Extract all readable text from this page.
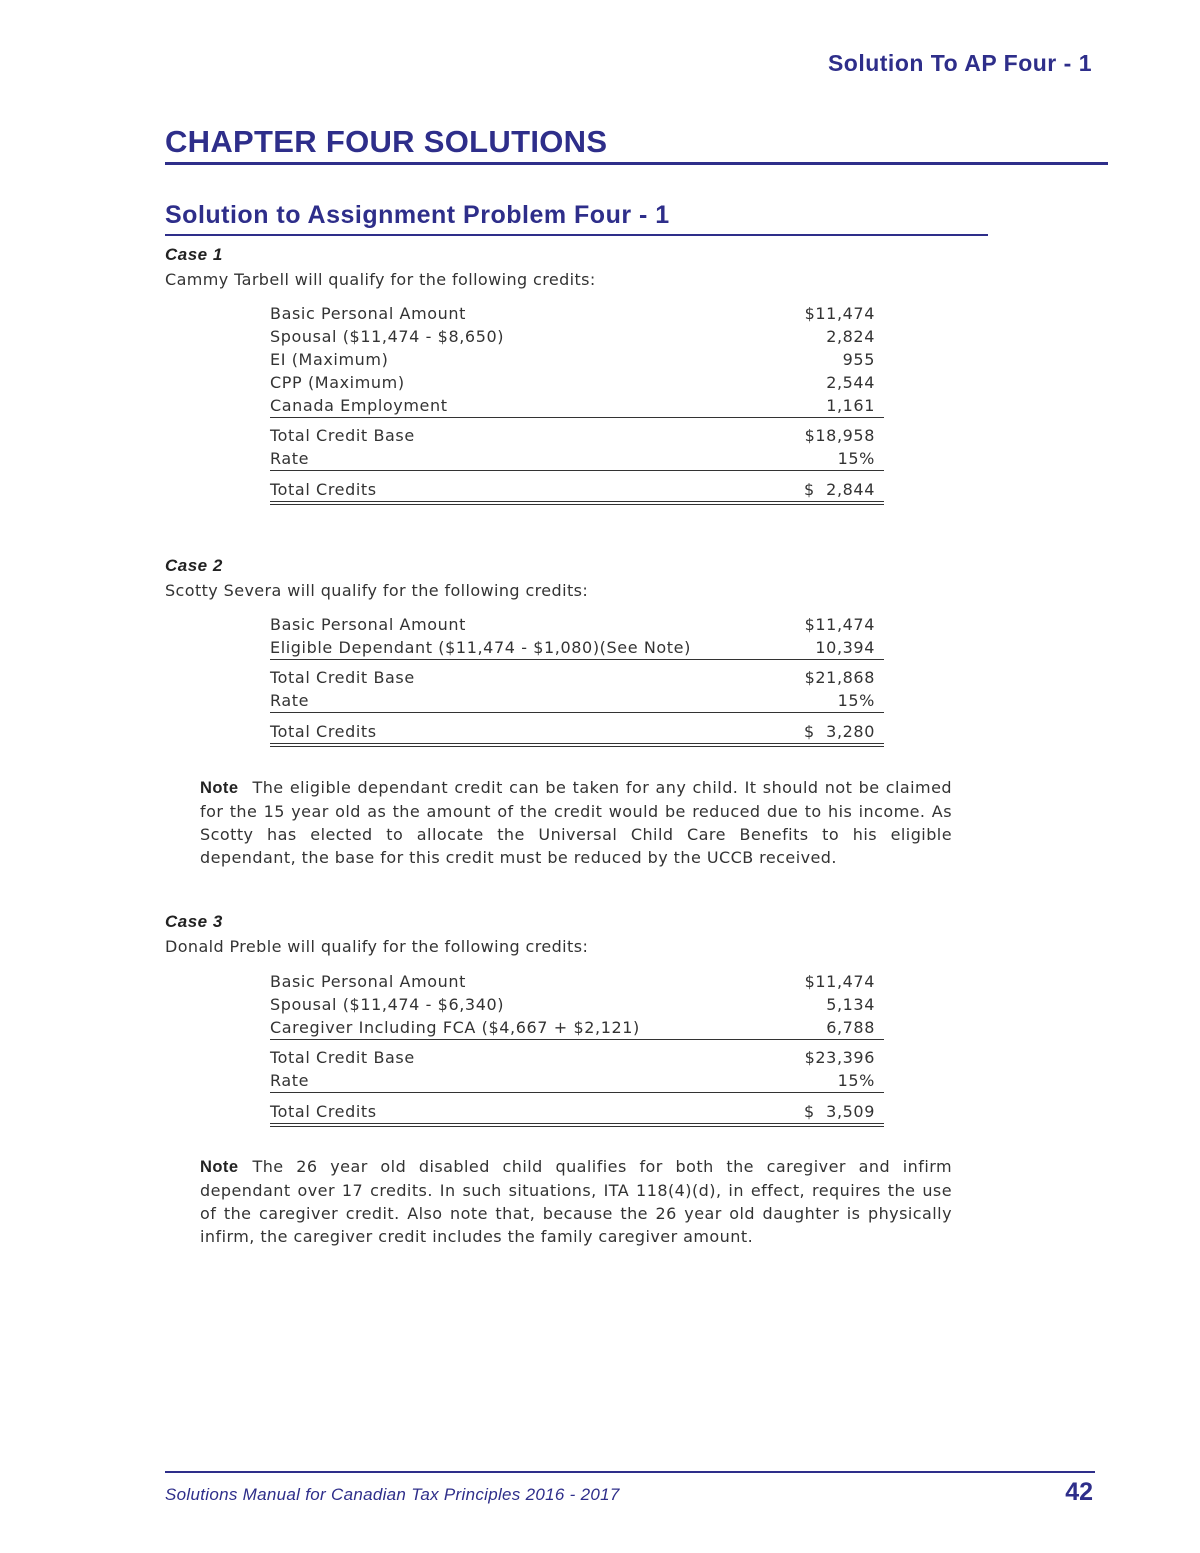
Solution To AP Four - 1
CHAPTER FOUR SOLUTIONS
Solution to Assignment Problem Four - 1
Case 1
Cammy Tarbell will qualify for the following credits:
Basic Personal Amount	$11,474
Spousal ($11,474 - $8,650)	2,824
EI (Maximum)	955
CPP (Maximum)	2,544
Canada Employment	1,161
Total Credit Base	$18,958
Rate	15%
Total Credits	$  2,844
Case 2
Scotty Severa will qualify for the following credits:
Basic Personal Amount	$11,474
Eligible Dependant ($11,474 - $1,080)(See Note)	10,394
Total Credit Base	$21,868
Rate	15%
Total Credits	$  3,280

Note The eligible dependant credit can be taken for any child. It should not be claimed for the 15 year old as the amount of the credit would be reduced due to his income. As Scotty has elected to allocate the Universal Child Care Benefits to his eligible dependant, the base for this credit must be reduced by the UCCB received.

Case 3
Donald Preble will qualify for the following credits:
Basic Personal Amount	$11,474
Spousal ($11,474 - $6,340)	5,134
Caregiver Including FCA ($4,667 + $2,121)	6,788
Total Credit Base	$23,396
Rate	15%
Total Credits	$  3,509

Note The 26 year old disabled child qualifies for both the caregiver and infirm dependant over 17 credits. In such situations, ITA 118(4)(d), in effect, requires the use of the caregiver credit. Also note that, because the 26 year old daughter is physically infirm, the caregiver credit includes the family caregiver amount.

Solutions Manual for Canadian Tax Principles 2016 - 2017	42
